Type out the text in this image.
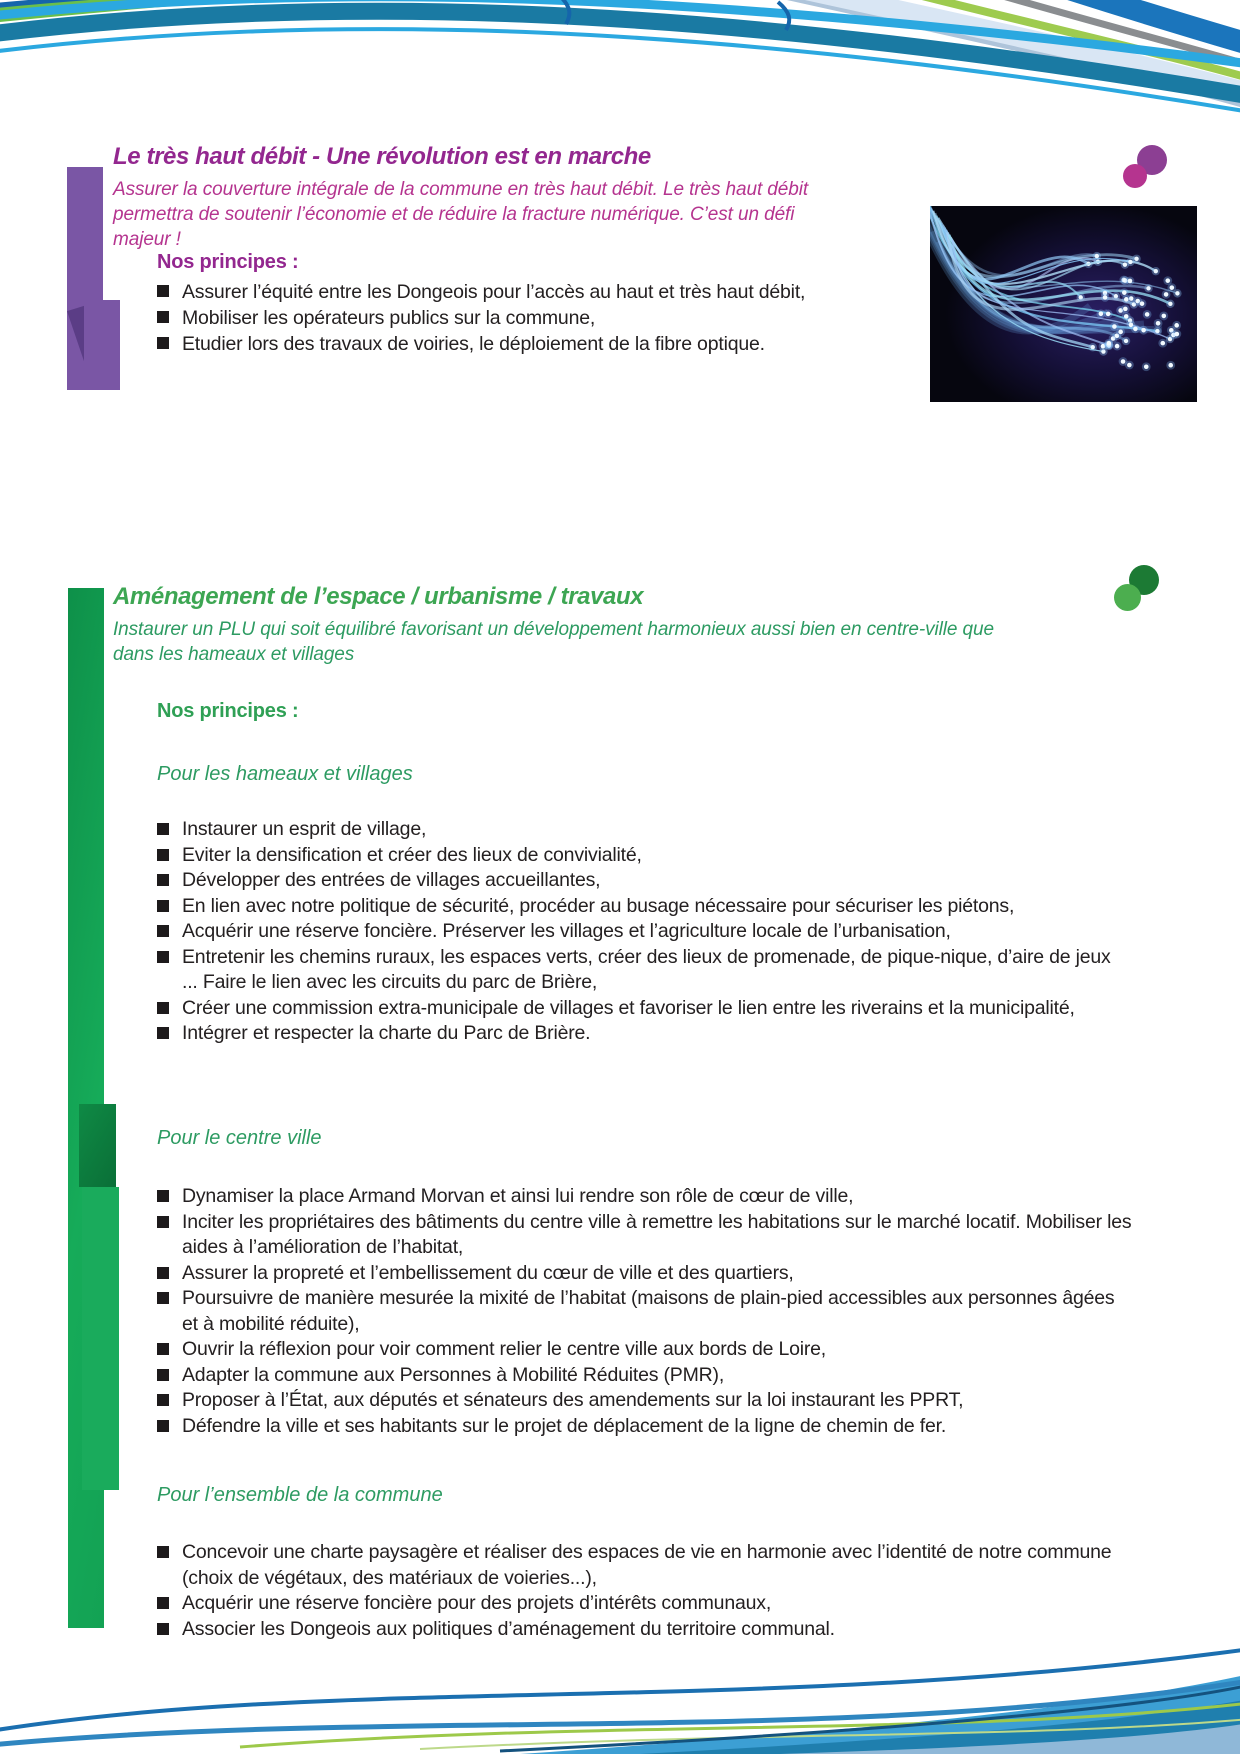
Le très haut débit - Une révolution est en marche
Assurer la couverture intégrale de la commune en très haut débit. Le très haut débit permettra de soutenir l’économie et de réduire la fracture numérique. C’est un défi majeur !
Nos principes :
Assurer l’équité entre les Dongeois pour l’accès au haut et très haut débit,
Mobiliser les opérateurs publics sur la commune,
Etudier lors des travaux de voiries, le déploiement de la fibre optique.
Aménagement de l’espace / urbanisme / travaux
Instaurer un PLU qui soit équilibré favorisant un développement harmonieux aussi bien en centre-ville que dans les hameaux et villages
Nos principes :
Pour les hameaux et villages
Instaurer un esprit de village,
Eviter la densification et créer des lieux de convivialité,
Développer des entrées de villages accueillantes,
En lien avec notre politique de sécurité, procéder au busage nécessaire pour sécuriser les piétons,
Acquérir une réserve foncière. Préserver les villages et l’agriculture locale de l’urbanisation,
Entretenir les chemins ruraux, les espaces verts, créer des lieux de promenade, de pique-nique, d’aire de jeux ... Faire le lien avec les circuits du parc de Brière,
Créer une commission extra-municipale de villages et favoriser le lien entre les riverains et la municipalité,
Intégrer et respecter la charte du Parc de Brière.
Pour le centre ville
Dynamiser la place Armand Morvan et ainsi lui rendre son rôle de cœur de ville,
Inciter les propriétaires des bâtiments du centre ville à remettre les habitations sur le marché locatif. Mobiliser les aides à l’amélioration de l’habitat,
Assurer la propreté et l’embellissement du cœur de ville et des quartiers,
Poursuivre de manière mesurée la mixité de l’habitat (maisons de plain-pied accessibles aux personnes âgées et à mobilité réduite),
Ouvrir la réflexion pour voir comment relier le centre ville aux bords de Loire,
Adapter la commune aux Personnes à Mobilité Réduites (PMR),
Proposer à l’État, aux députés et sénateurs des amendements sur la loi instaurant les PPRT,
Défendre la ville et ses habitants sur le projet de déplacement de la ligne de chemin de fer.
Pour l’ensemble de la commune
Concevoir une charte paysagère et réaliser des espaces de vie en harmonie avec l’identité de notre commune (choix de végétaux, des matériaux de voieries...),
Acquérir une réserve foncière pour des projets d’intérêts communaux,
Associer les Dongeois aux politiques d’aménagement du territoire communal.
